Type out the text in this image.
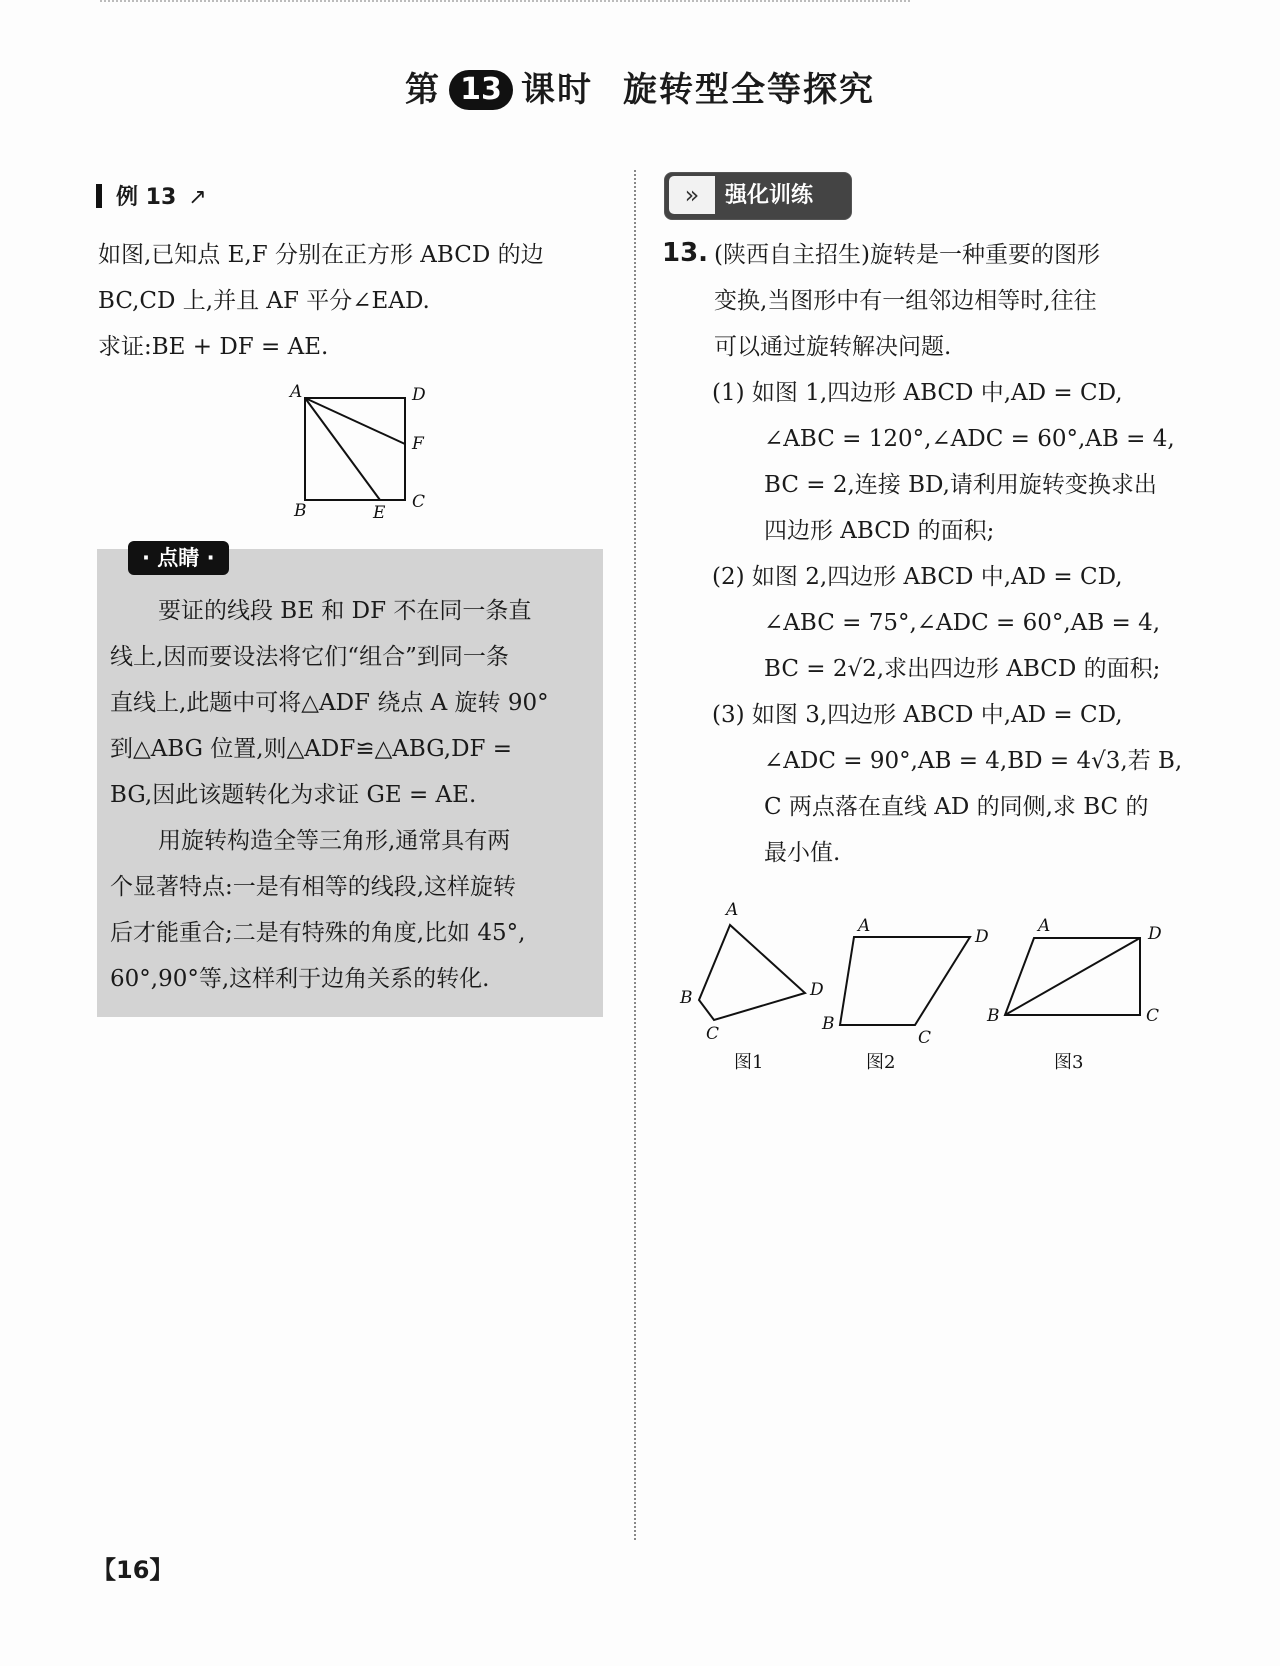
第 13 课时 旋转型全等探究
例 13 ↗
如图,已知点 E,F 分别在正方形 ABCD 的边
BC,CD 上,并且 AF 平分∠EAD.
求证:BE + DF = AE.
A	D
F
B	E
C
· 点睛 ·
要证的线段 BE 和 DF 不在同一条直
线上,因而要设法将它们“组合”到同一条
直线上,此题中可将△ADF 绕点 A 旋转 90°
到△ABG 位置,则△ADF≌△ABG,DF =
BG,因此该题转化为求证 GE = AE.
用旋转构造全等三角形,通常具有两
个显著特点:一是有相等的线段,这样旋转
后才能重合;二是有特殊的角度,比如 45°,
60°,90°等,这样利于边角关系的转化.
»	强化训练
13. (陕西自主招生)旋转是一种重要的图形
变换,当图形中有一组邻边相等时,往往
可以通过旋转解决问题.
(1) 如图 1,四边形 ABCD 中,AD = CD,
∠ABC = 120°,∠ADC = 60°,AB = 4,
BC = 2,连接 BD,请利用旋转变换求出
四边形 ABCD 的面积;
(2) 如图 2,四边形 ABCD 中,AD = CD,
∠ABC = 75°,∠ADC = 60°,AB = 4,
BC = 2√2,求出四边形 ABCD 的面积;
(3) 如图 3,四边形 ABCD 中,AD = CD,
∠ADC = 90°,AB = 4,BD = 4√3,若 B,
C 两点落在直线 AD 的同侧,求 BC 的
最小值.
A
B
C
D
图1
A
D
B
C
图2
A	D
B	C
图3
【16】
